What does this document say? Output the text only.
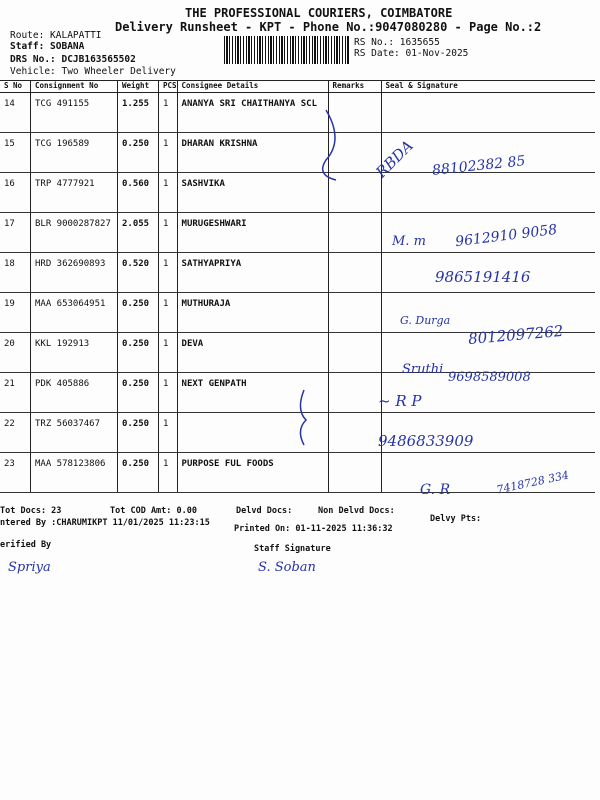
THE PROFESSIONAL COURIERS, COIMBATORE
Delivery Runsheet - KPT - Phone No.:9047080280 - Page No.:2
Route: KALAPATTI
Staff: SOBANA
DRS No.: DCJB163565502
Vehicle: Two Wheeler Delivery
RS No.: 1635655
RS Date: 01-Nov-2025
S No	Consignment No	Weight	PCS	Consignee Details	Remarks	Seal & Signature
14	TCG 491155	1.255	1	ANANYA SRI CHAITHANYA SCL		
15	TCG 196589	0.250	1	DHARAN KRISHNA		
16	TRP 4777921	0.560	1	SASHVIKA		
17	BLR 9000287827	2.055	1	MURUGESHWARI		
18	HRD 362690893	0.520	1	SATHYAPRIYA		
19	MAA 653064951	0.250	1	MUTHURAJA		
20	KKL 192913	0.250	1	DEVA		
21	PDK 405886	0.250	1	NEXT GENPATH		
22	TRZ 56037467	0.250	1			
23	MAA 578123806	0.250	1	PURPOSE FUL FOODS		
RBDA 88102382 85
M. m 9612910 9058
9865191416
G. Durga
8012097262
Sruthi
9698589008
~ R P
9486833909
G. R	7418728 334
Tot Docs: 23	Tot COD Amt: 0.00	Delvd Docs:	Non Delvd Docs:
Delvy Pts:
ntered By :CHARUMIKPT 11/01/2025 11:23:15
Printed On: 01-11-2025 11:36:32
erified By	Staff Signature
Spriya	S. Soban
